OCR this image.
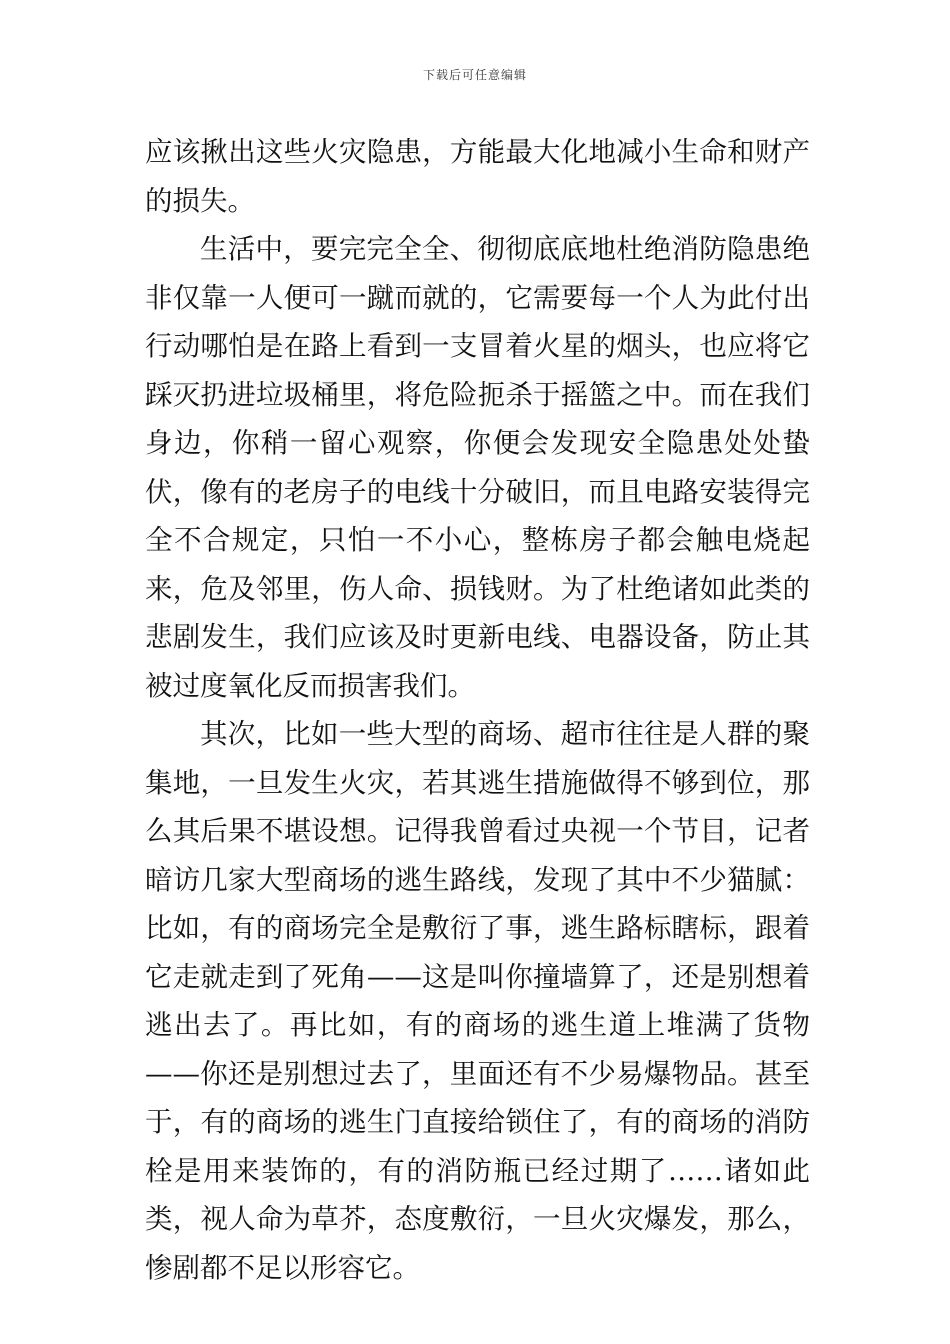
下载后可任意编辑

应该揪出这些火灾隐患，方能最大化地减小生命和财产的损失。

生活中，要完完全全、彻彻底底地杜绝消防隐患绝非仅靠一人便可一蹴而就的，它需要每一个人为此付出行动哪怕是在路上看到一支冒着火星的烟头，也应将它踩灭扔进垃圾桶里，将危险扼杀于摇篮之中。而在我们身边，你稍一留心观察，你便会发现安全隐患处处蛰伏，像有的老房子的电线十分破旧，而且电路安装得完全不合规定，只怕一不小心，整栋房子都会触电烧起来，危及邻里，伤人命、损钱财。为了杜绝诸如此类的悲剧发生，我们应该及时更新电线、电器设备，防止其被过度氧化反而损害我们。

其次，比如一些大型的商场、超市往往是人群的聚集地，一旦发生火灾，若其逃生措施做得不够到位，那么其后果不堪设想。记得我曾看过央视一个节目，记者暗访几家大型商场的逃生路线，发现了其中不少猫腻：比如，有的商场完全是敷衍了事，逃生路标瞎标，跟着它走就走到了死角——这是叫你撞墙算了，还是别想着逃出去了。再比如，有的商场的逃生道上堆满了货物——你还是别想过去了，里面还有不少易爆物品。甚至于，有的商场的逃生门直接给锁住了，有的商场的消防栓是用来装饰的，有的消防瓶已经过期了……诸如此类，视人命为草芥，态度敷衍，一旦火灾爆发，那么，惨剧都不足以形容它。
